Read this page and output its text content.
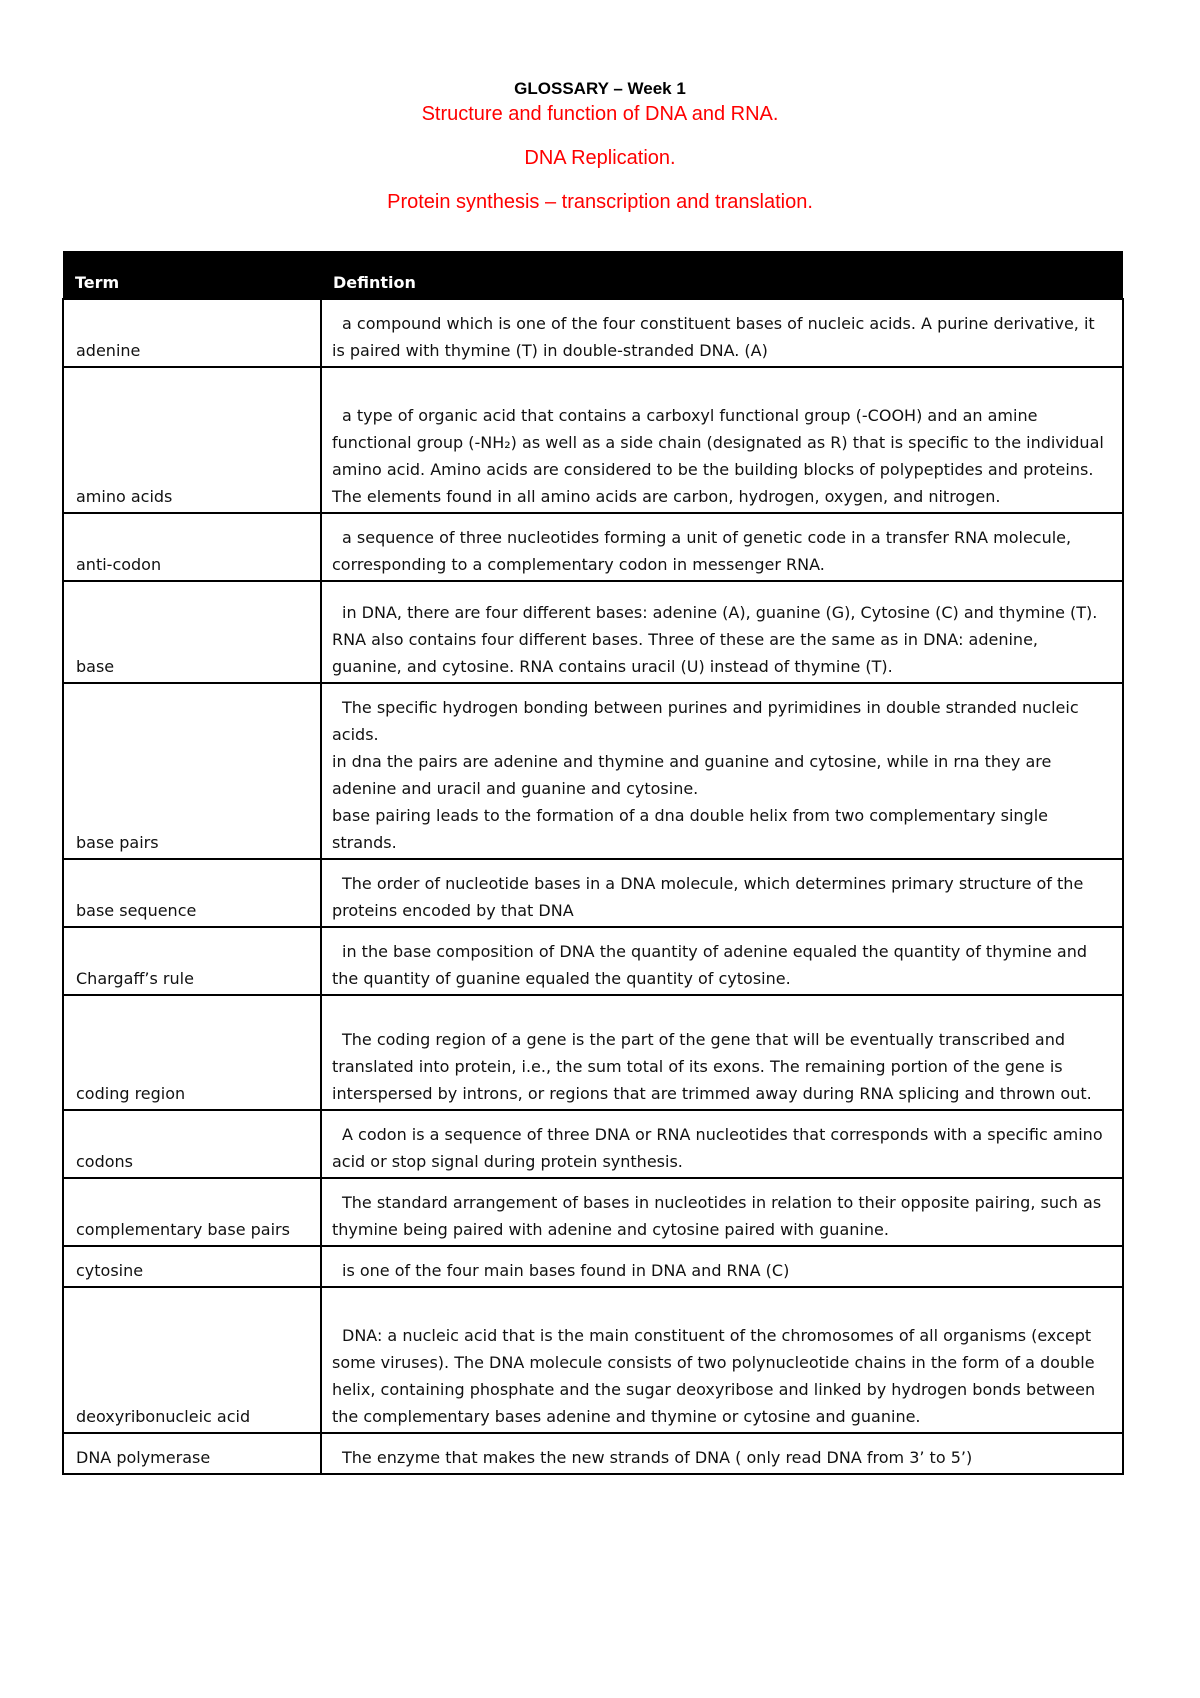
GLOSSARY – Week 1

Structure and function of DNA and RNA.

DNA Replication.

Protein synthesis – transcription and translation.

Term	Defintion
adenine	a compound which is one of the four constituent bases of nucleic acids. A purine derivative, it is paired with thymine (T) in double-stranded DNA. (A)

amino acids	a type of organic acid that contains a carboxyl functional group (-COOH) and an amine functional group (-NH₂) as well as a side chain (designated as R) that is specific to the individual amino acid. Amino acids are considered to be the building blocks of polypeptides and proteins. The elements found in all amino acids are carbon, hydrogen, oxygen, and nitrogen.

anti-codon	a sequence of three nucleotides forming a unit of genetic code in a transfer RNA molecule, corresponding to a complementary codon in messenger RNA.

base	in DNA, there are four different bases: adenine (A), guanine (G), Cytosine (C) and thymine (T). RNA also contains four different bases. Three of these are the same as in DNA: adenine, guanine, and cytosine. RNA contains uracil (U) instead of thymine (T).

base pairs	The specific hydrogen bonding between purines and pyrimidines in double stranded nucleic acids.
in dna the pairs are adenine and thymine and guanine and cytosine, while in rna they are adenine and uracil and guanine and cytosine.
base pairing leads to the formation of a dna double helix from two complementary single strands.

base sequence	The order of nucleotide bases in a DNA molecule, which determines primary structure of the proteins encoded by that DNA

Chargaff’s rule	in the base composition of DNA the quantity of adenine equaled the quantity of thymine and the quantity of guanine equaled the quantity of cytosine.

coding region	The coding region of a gene is the part of the gene that will be eventually transcribed and translated into protein, i.e., the sum total of its exons. The remaining portion of the gene is interspersed by introns, or regions that are trimmed away during RNA splicing and thrown out.

codons	A codon is a sequence of three DNA or RNA nucleotides that corresponds with a specific amino acid or stop signal during protein synthesis.

complementary base pairs	The standard arrangement of bases in nucleotides in relation to their opposite pairing, such as thymine being paired with adenine and cytosine paired with guanine.

cytosine	is one of the four main bases found in DNA and RNA (C)

deoxyribonucleic acid	DNA: a nucleic acid that is the main constituent of the chromosomes of all organisms (except some viruses). The DNA molecule consists of two polynucleotide chains in the form of a double helix, containing phosphate and the sugar deoxyribose and linked by hydrogen bonds between the complementary bases adenine and thymine or cytosine and guanine.

DNA polymerase	The enzyme that makes the new strands of DNA ( only read DNA from 3’ to 5’)
